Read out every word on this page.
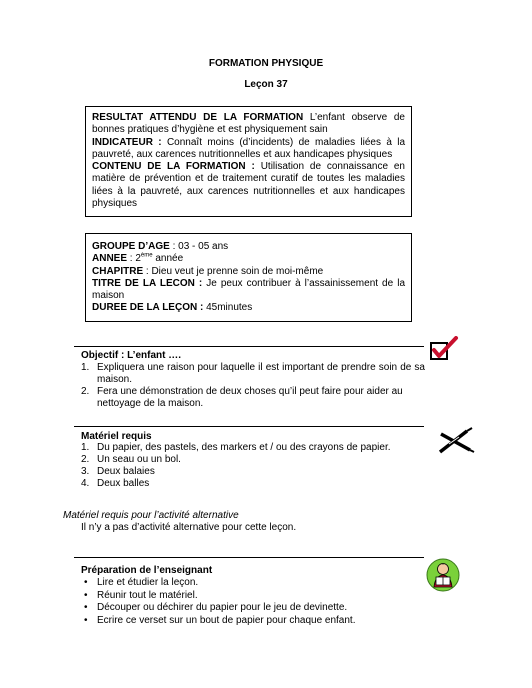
FORMATION PHYSIQUE
Leçon 37

RESULTAT ATTENDU DE LA FORMATION L’enfant observe de bonnes pratiques d’hygiène et est physiquement sain

INDICATEUR : Connaît moins (d’incidents) de maladies liées à la pauvreté, aux carences nutritionnelles et aux handicapes physiques

CONTENU DE LA FORMATION : Utilisation de connaissance en matière de prévention et de traitement curatif de toutes les maladies liées à la pauvreté, aux carences nutritionnelles et aux handicapes physiques

GROUPE D’AGE : 03 - 05 ans

ANNEE : 2ème année

CHAPITRE : Dieu veut je prenne soin de moi-même

TITRE DE LA LECON : Je peux contribuer à l’assainissement de la maison

DUREE DE LA LEÇON : 45minutes

Objectif : L’enfant ….
1. Expliquera une raison pour laquelle il est important de prendre soin de sa maison.
2. Fera une démonstration de deux choses qu’il peut faire pour aider au nettoyage de la maison.
Matériel requis
1. Du papier, des pastels, des markers et / ou des crayons de papier.
2. Un seau ou un bol.
3. Deux balaies
4. Deux balles
Matériel requis pour l’activité alternative
Il n’y a pas d’activité alternative pour cette leçon.
Préparation de l’enseignant
• Lire et étudier la leçon.
• Réunir tout le matériel.
• Découper ou déchirer du papier pour le jeu de devinette.
• Ecrire ce verset sur un bout de papier pour chaque enfant.
